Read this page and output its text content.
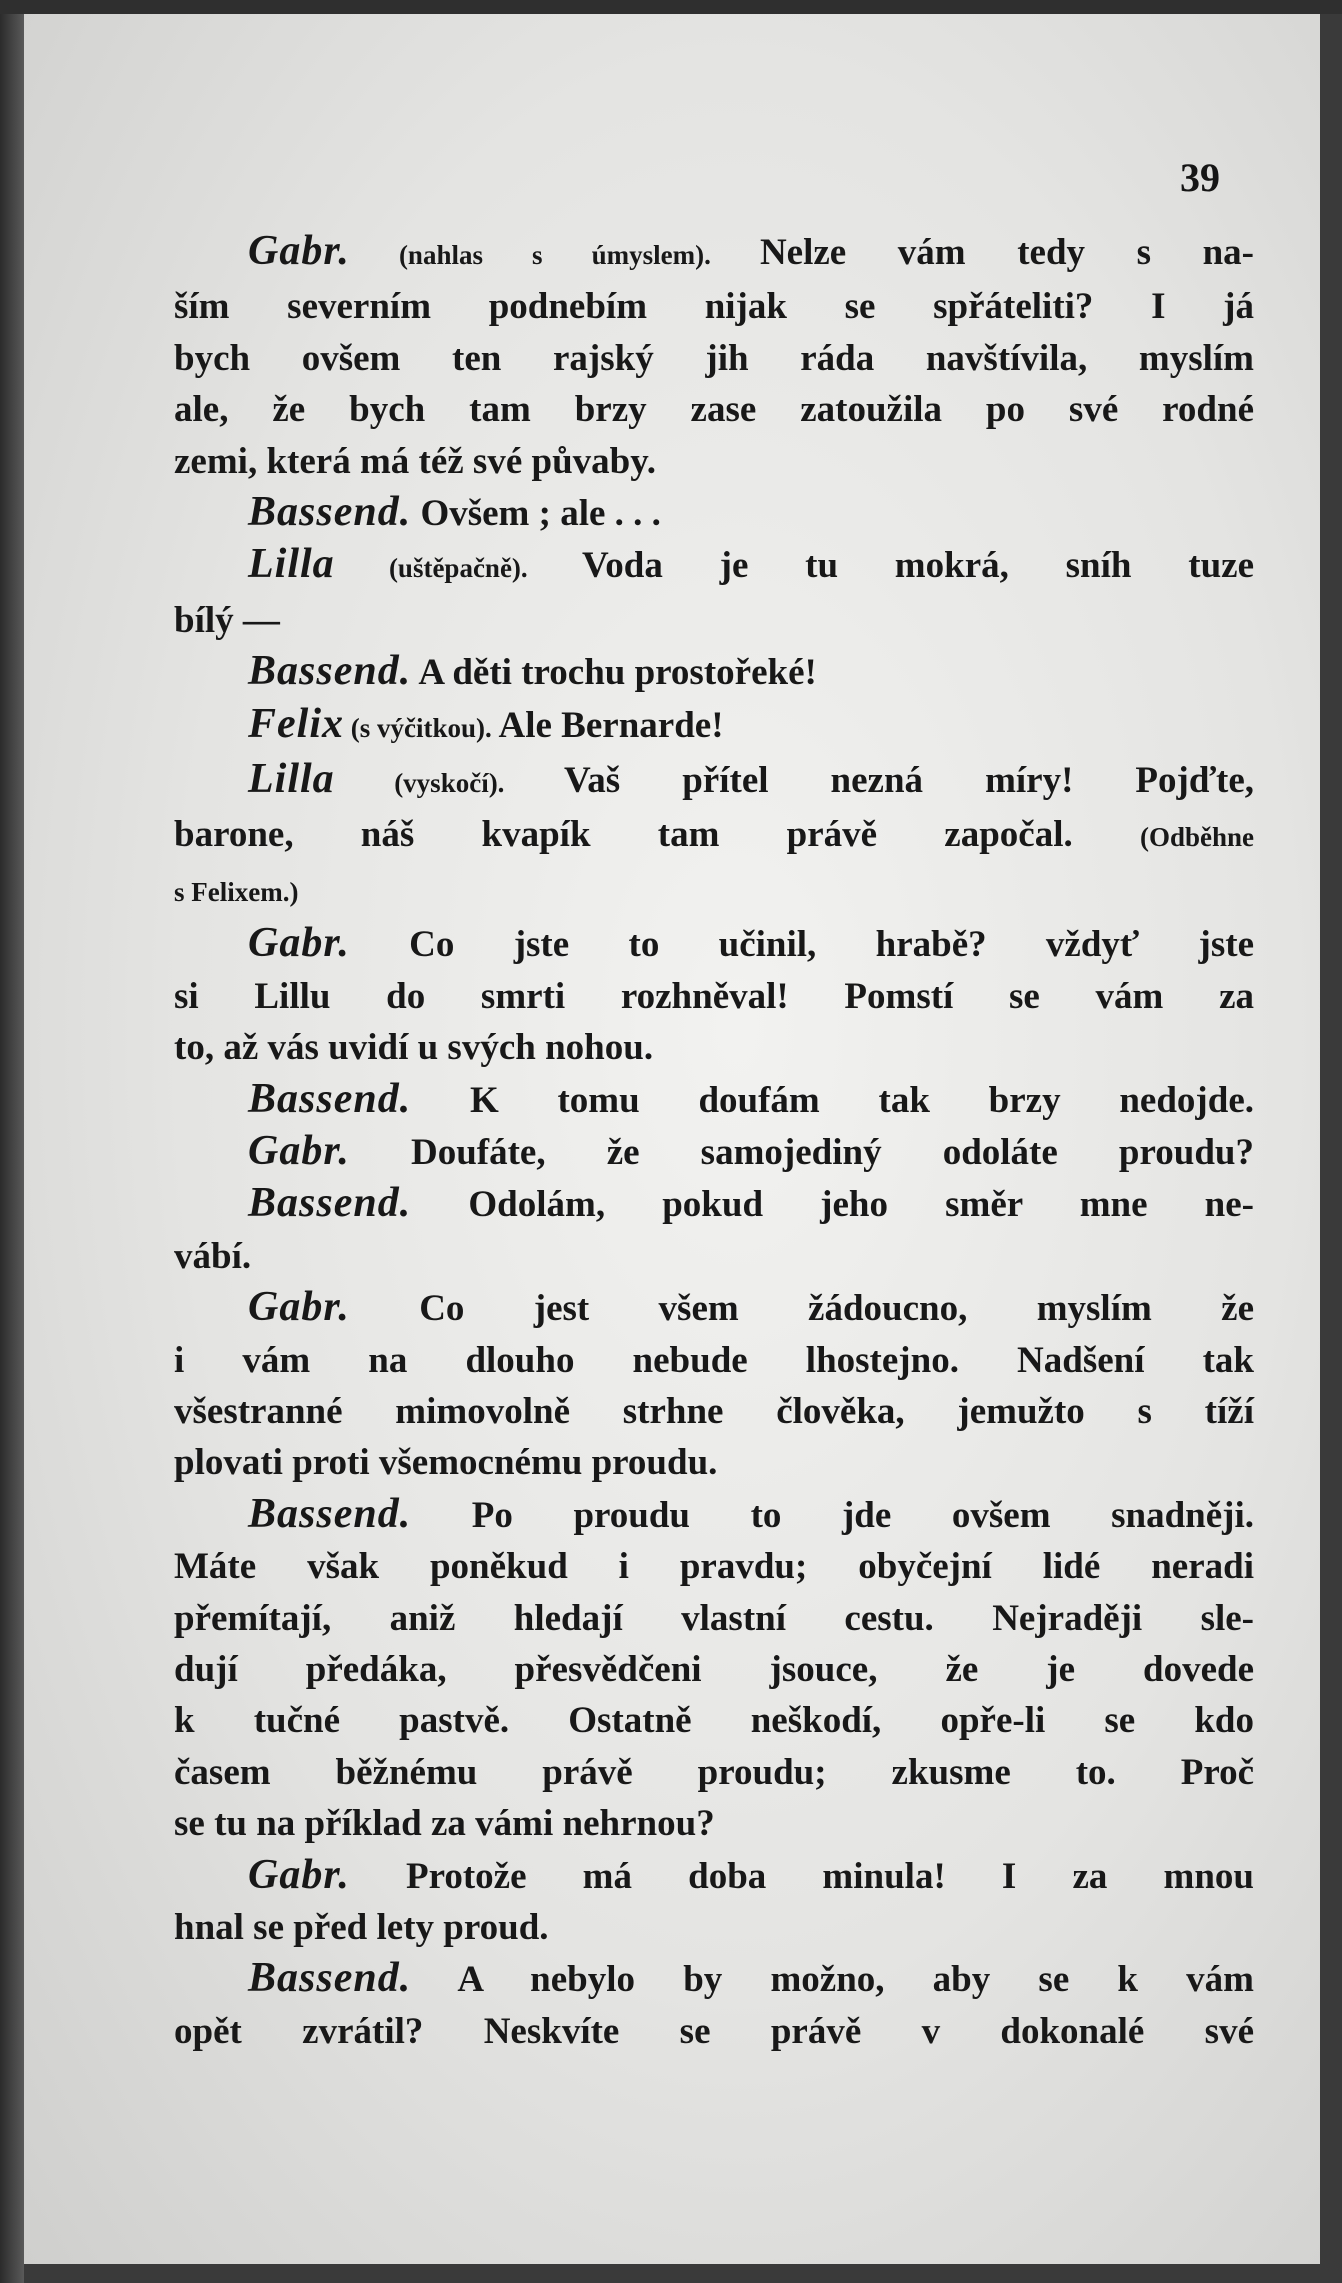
39
Gabr. (nahlas s úmyslem). Nelze vám tedy s na-
ším severním podnebím nijak se spřáteliti? I já
bych ovšem ten rajský jih ráda navštívila, myslím
ale, že bych tam brzy zase zatoužila po své rodné
zemi, která má též své půvaby.
Bassend. Ovšem ; ale . . .
Lilla (uštěpačně). Voda je tu mokrá, sníh tuze
bílý —
Bassend. A děti trochu prostořeké!
Felix (s výčitkou). Ale Bernarde!
Lilla (vyskočí). Vaš přítel nezná míry! Pojďte,
barone, náš kvapík tam právě započal. (Odběhne
s Felixem.)
Gabr. Co jste to učinil, hrabě? vždyť jste
si Lillu do smrti rozhněval! Pomstí se vám za
to, až vás uvidí u svých nohou.
Bassend. K tomu doufám tak brzy nedojde.
Gabr. Doufáte, že samojediný odoláte proudu?
Bassend. Odolám, pokud jeho směr mne ne-
vábí.
Gabr. Co jest všem žádoucno, myslím že
i vám na dlouho nebude lhostejno. Nadšení tak
všestranné mimovolně strhne člověka, jemužto s tíží
plovati proti všemocnému proudu.
Bassend. Po proudu to jde ovšem snadněji.
Máte však poněkud i pravdu; obyčejní lidé neradi
přemítají, aniž hledají vlastní cestu. Nejraději sle-
dují předáka, přesvědčeni jsouce, že je dovede
k tučné pastvě. Ostatně neškodí, opře-li se kdo
časem běžnému právě proudu; zkusme to. Proč
se tu na příklad za vámi nehrnou?
Gabr. Protože má doba minula! I za mnou
hnal se před lety proud.
Bassend. A nebylo by možno, aby se k vám
opět zvrátil? Neskvíte se právě v dokonalé své
